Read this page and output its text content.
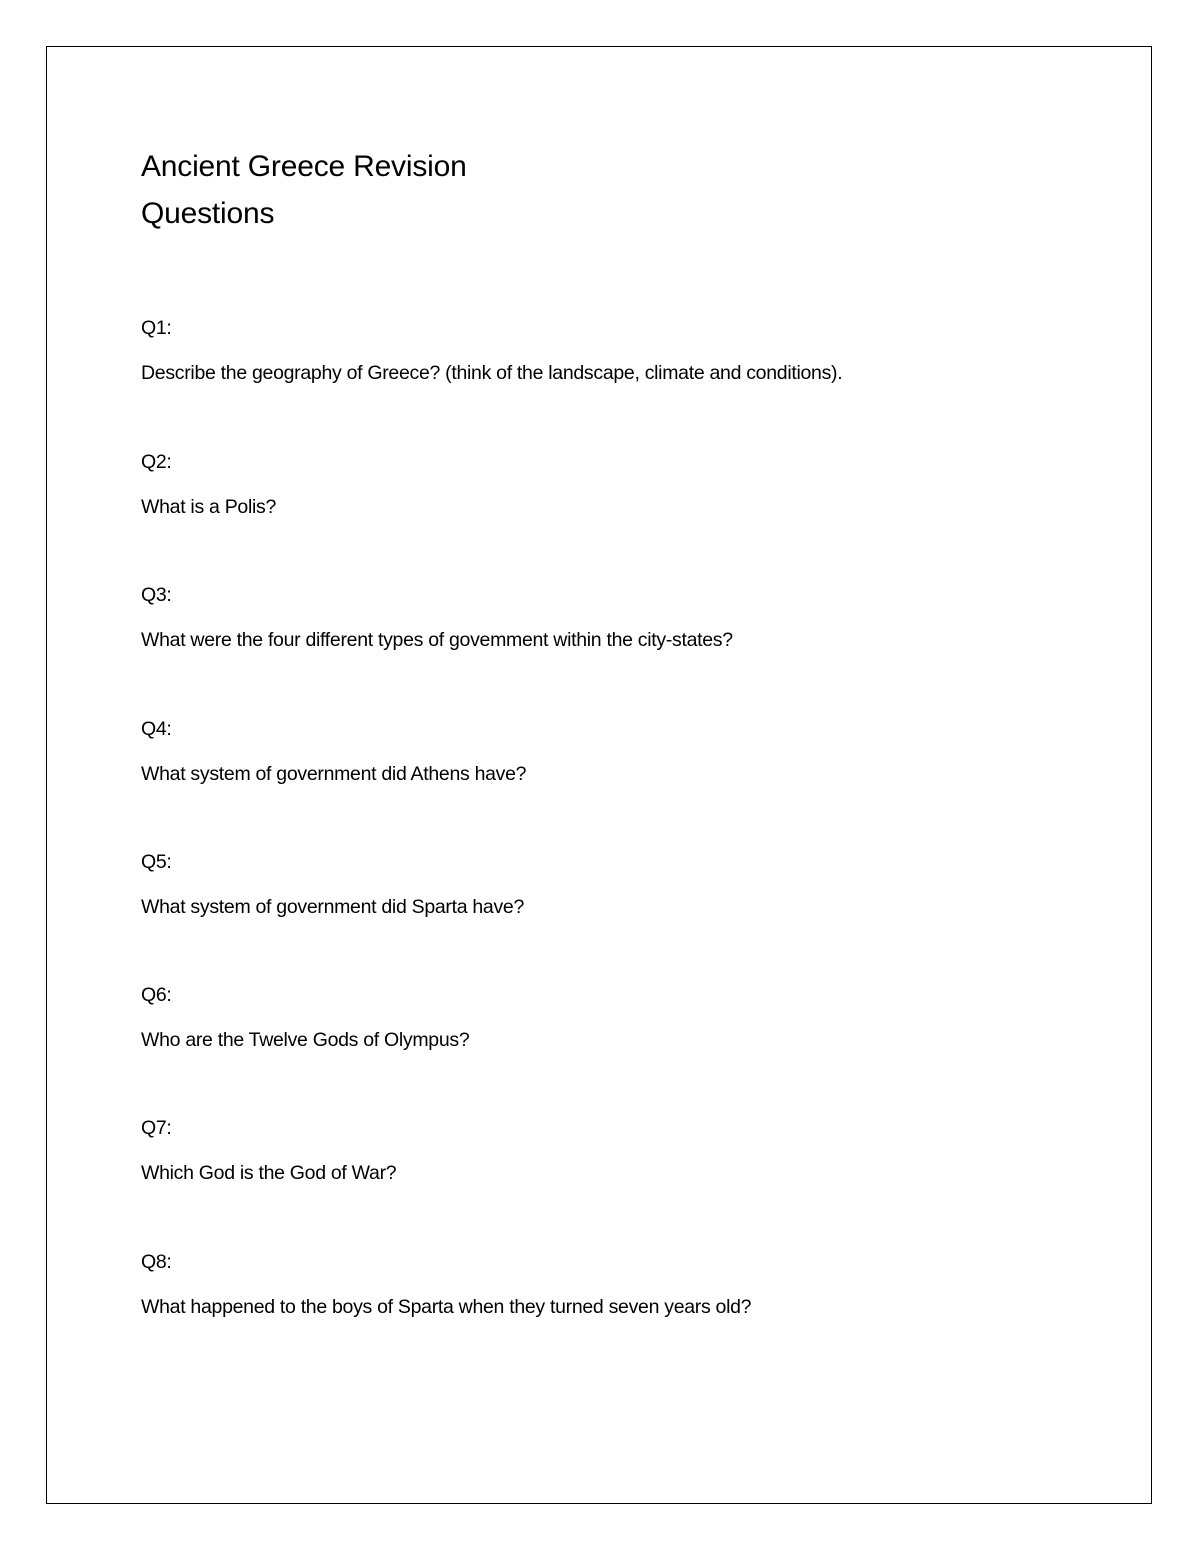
Ancient Greece Revision
Questions
Q1:
Describe the geography of Greece? (think of the landscape, climate and conditions).
Q2:
What is a Polis?
Q3:
What were the four different types of govemment within the city-states?
Q4:
What system of government did Athens have?
Q5:
What system of government did Sparta have?
Q6:
Who are the Twelve Gods of Olympus?
Q7:
Which God is the God of War?
Q8:
What happened to the boys of Sparta when they turned seven years old?
